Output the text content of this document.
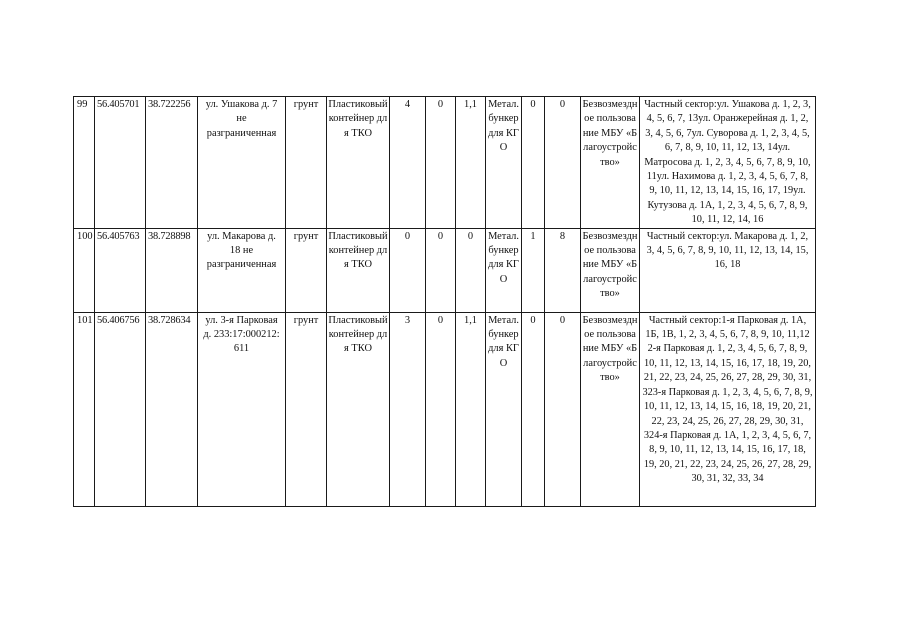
99	56.405701	38.722256	ул. Ушакова д. 7 не разграниченная	грунт	Пластиковый контейнер для ТКО	4	0	1,1	Метал. бункер для КГО	0	0	Безвозмездное пользование МБУ «Благоустройство»	Частный сектор:ул. Ушакова д. 1, 2, 3, 4, 5, 6, 7, 13ул. Оранжерейная д. 1, 2, 3, 4, 5, 6, 7ул. Суворова д. 1, 2, 3, 4, 5, 6, 7, 8, 9, 10, 11, 12, 13, 14ул. Матросова д. 1, 2, 3, 4, 5, 6, 7, 8, 9, 10, 11ул. Нахимова д. 1, 2, 3, 4, 5, 6, 7, 8, 9, 10, 11, 12, 13, 14, 15, 16, 17, 19ул. Кутузова д. 1А, 1, 2, 3, 4, 5, 6, 7, 8, 9, 10, 11, 12, 14, 16
100	56.405763	38.728898	ул. Макарова д. 18 не разграниченная	грунт	Пластиковый контейнер для ТКО	0	0	0	Метал. бункер для КГО	1	8	Безвозмездное пользование МБУ «Благоустройство»	Частный сектор:ул. Макарова д. 1, 2, 3, 4, 5, 6, 7, 8, 9, 10, 11, 12, 13, 14, 15, 16, 18
101	56.406756	38.728634	ул. 3-я Парковая д. 233:17:000212:611	грунт	Пластиковый контейнер для ТКО	3	0	1,1	Метал. бункер для КГО	0	0	Безвозмездное пользование МБУ «Благоустройство»	Частный сектор:1-я Парковая д. 1А, 1Б, 1В, 1, 2, 3, 4, 5, 6, 7, 8, 9, 10, 11,12 2-я Парковая д. 1, 2, 3, 4, 5, 6, 7, 8, 9, 10, 11, 12, 13, 14, 15, 16, 17, 18, 19, 20, 21, 22, 23, 24, 25, 26, 27, 28, 29, 30, 31, 323-я Парковая д. 1, 2, 3, 4, 5, 6, 7, 8, 9, 10, 11, 12, 13, 14, 15, 16, 18, 19, 20, 21, 22, 23, 24, 25, 26, 27, 28, 29, 30, 31, 324-я Парковая д. 1А, 1, 2, 3, 4, 5, 6, 7, 8, 9, 10, 11, 12, 13, 14, 15, 16, 17, 18, 19, 20, 21, 22, 23, 24, 25, 26, 27, 28, 29, 30, 31, 32, 33, 34
